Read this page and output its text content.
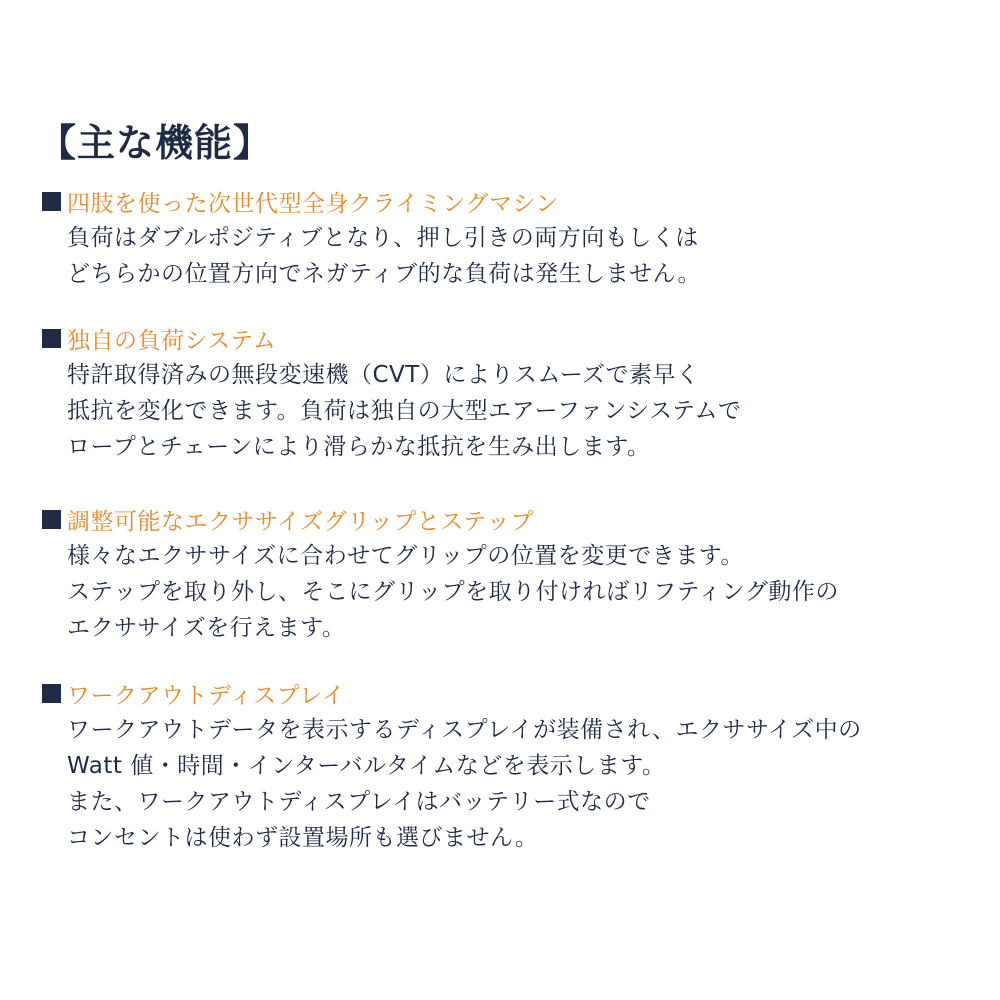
【主な機能】
四肢を使った次世代型全身クライミングマシン
負荷はダブルポジティブとなり、押し引きの両方向もしくは
どちらかの位置方向でネガティブ的な負荷は発生しません。
独自の負荷システム
特許取得済みの無段変速機（CVT）によりスムーズで素早く
抵抗を変化できます。負荷は独自の大型エアーファンシステムで
ロープとチェーンにより滑らかな抵抗を生み出します。
調整可能なエクササイズグリップとステップ
様々なエクササイズに合わせてグリップの位置を変更できます。
ステップを取り外し、そこにグリップを取り付ければリフティング動作の
エクササイズを行えます。
ワークアウトディスプレイ
ワークアウトデータを表示するディスプレイが装備され、エクササイズ中の
Watt 値・時間・インターバルタイムなどを表示します。
また、ワークアウトディスプレイはバッテリー式なので
コンセントは使わず設置場所も選びません。
